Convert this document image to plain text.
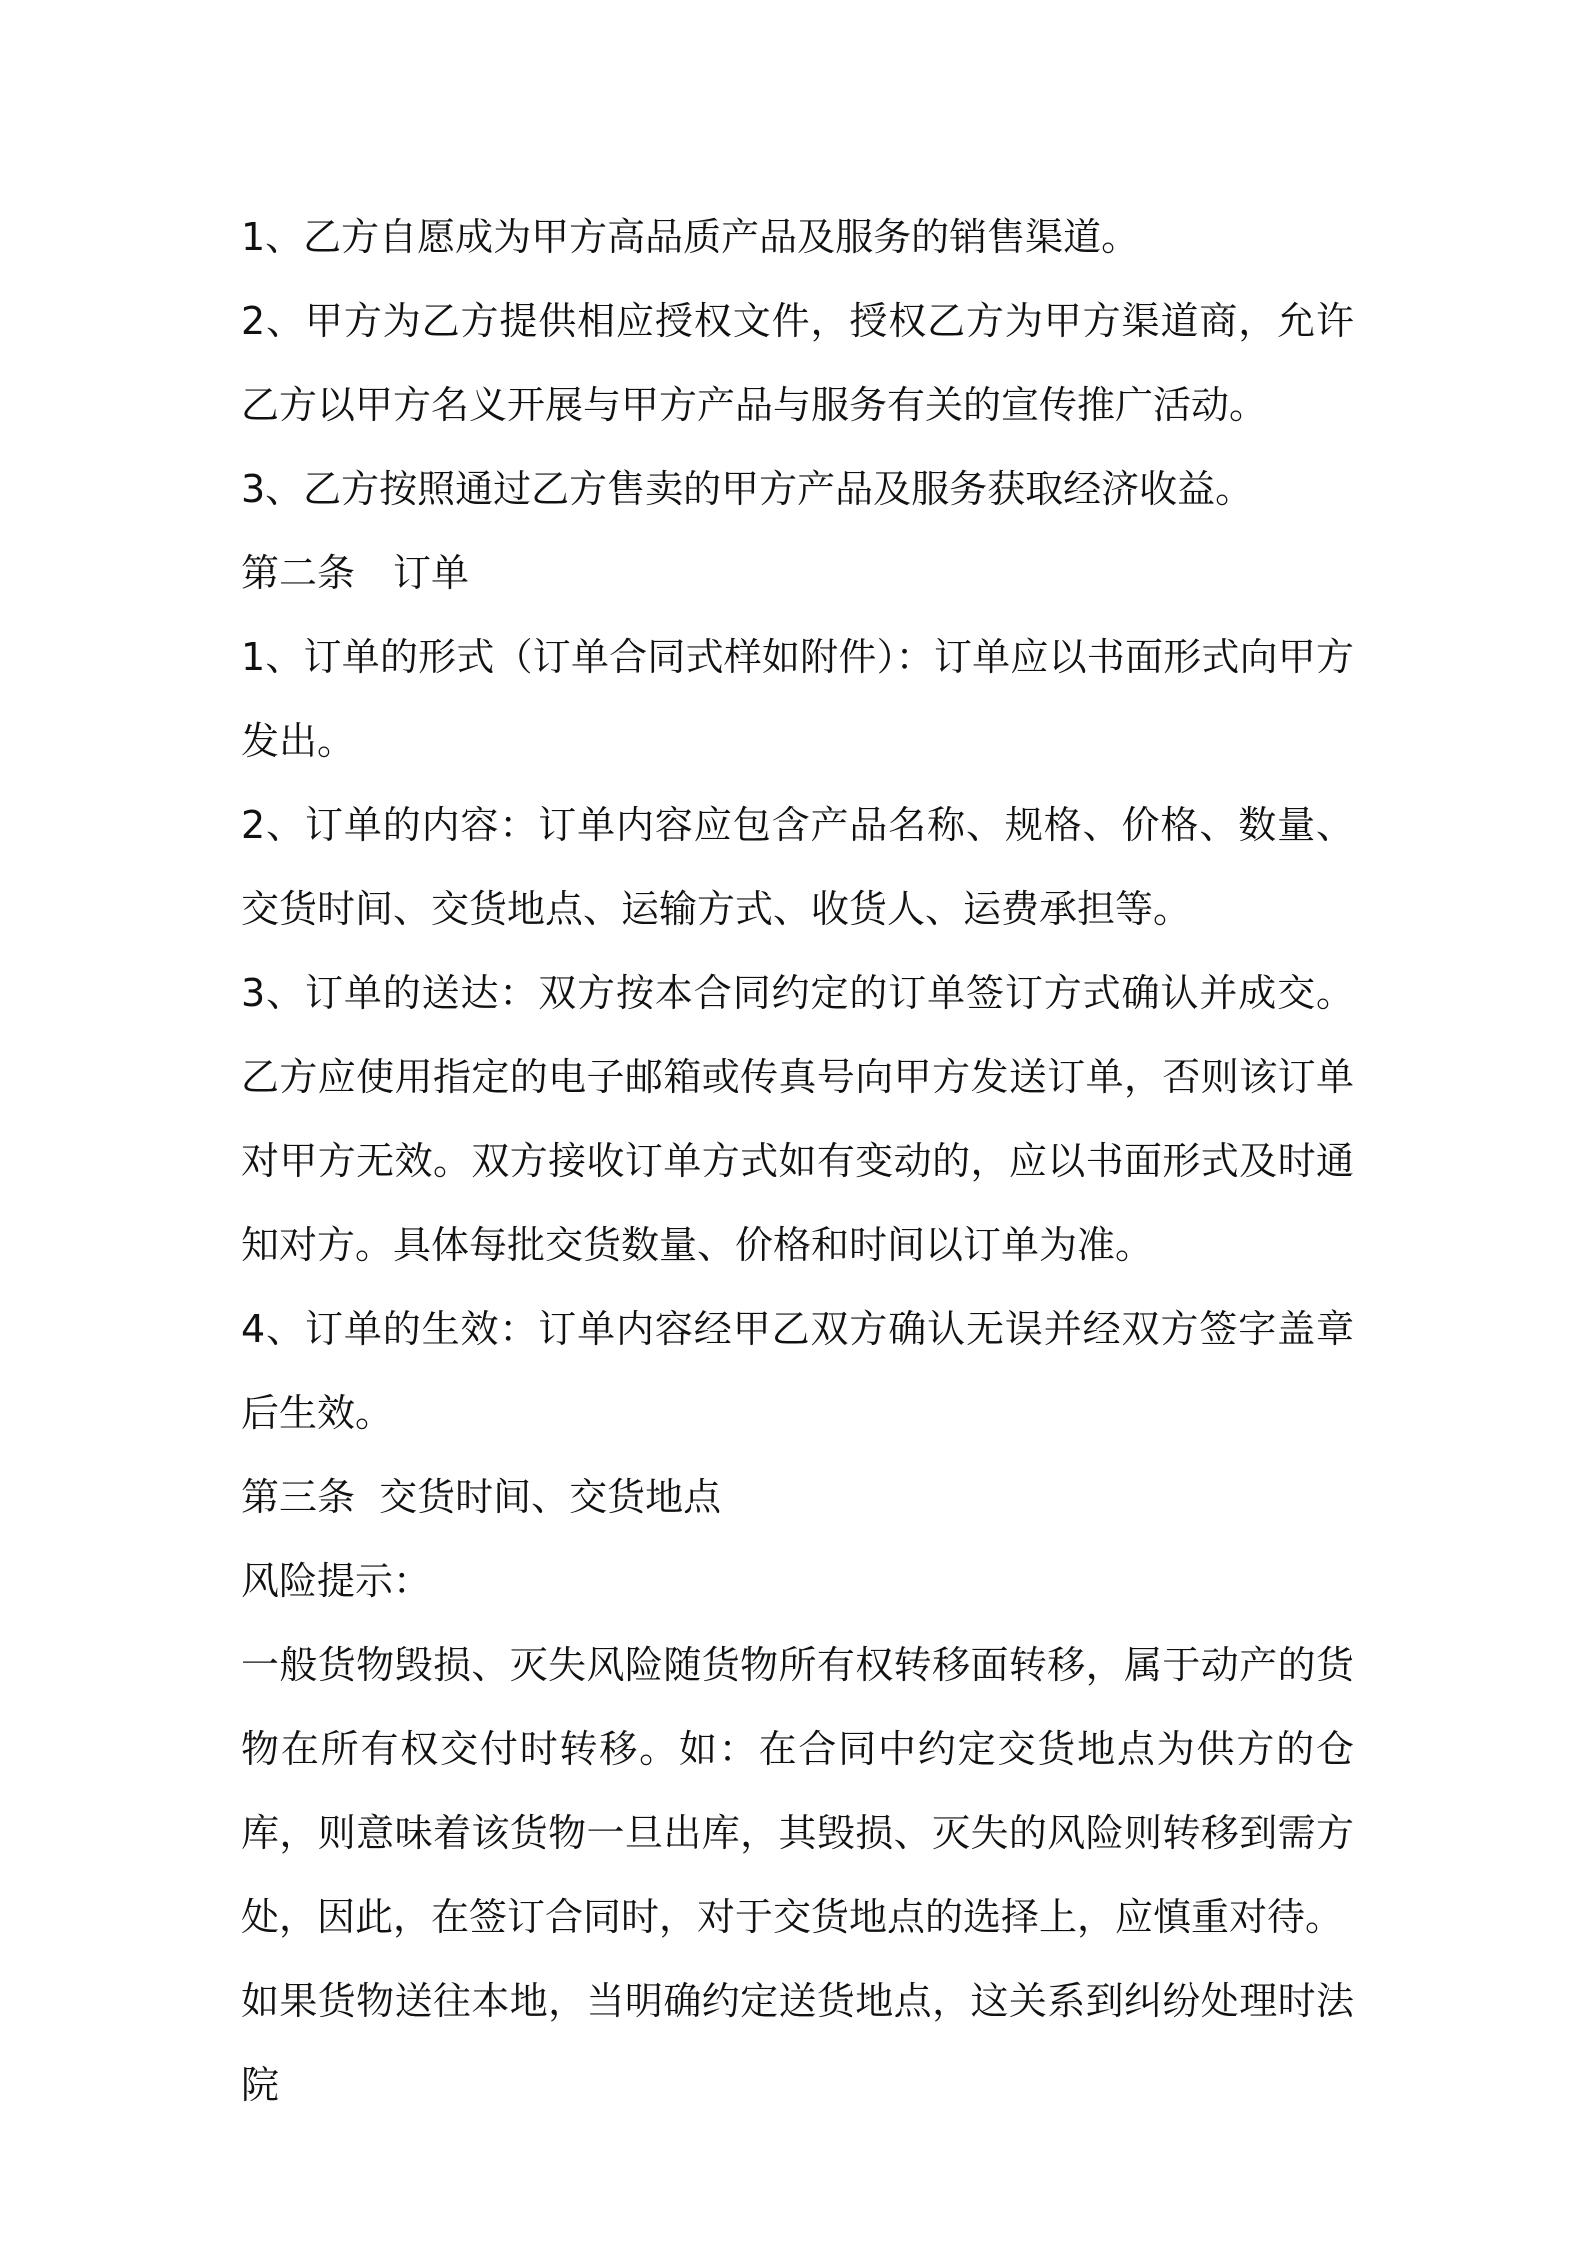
1、乙方自愿成为甲方高品质产品及服务的销售渠道。

2、甲方为乙方提供相应授权文件，授权乙方为甲方渠道商，允许乙方以甲方名义开展与甲方产品与服务有关的宣传推广活动。

3、乙方按照通过乙方售卖的甲方产品及服务获取经济收益。

第二条　订单

1、订单的形式（订单合同式样如附件）：订单应以书面形式向甲方发出。

2、订单的内容：订单内容应包含产品名称、规格、价格、数量、交货时间、交货地点、运输方式、收货人、运费承担等。

3、订单的送达：双方按本合同约定的订单签订方式确认并成交。乙方应使用指定的电子邮箱或传真号向甲方发送订单，否则该订单对甲方无效。双方接收订单方式如有变动的，应以书面形式及时通知对方。具体每批交货数量、价格和时间以订单为准。

4、订单的生效：订单内容经甲乙双方确认无误并经双方签字盖章后生效。

第三条  交货时间、交货地点

风险提示：

一般货物毁损、灭失风险随货物所有权转移面转移，属于动产的货物在所有权交付时转移。如：在合同中约定交货地点为供方的仓库，则意味着该货物一旦出库，其毁损、灭失的风险则转移到需方处，因此，在签订合同时，对于交货地点的选择上，应慎重对待。

如果货物送往本地，当明确约定送货地点，这关系到纠纷处理时法院
